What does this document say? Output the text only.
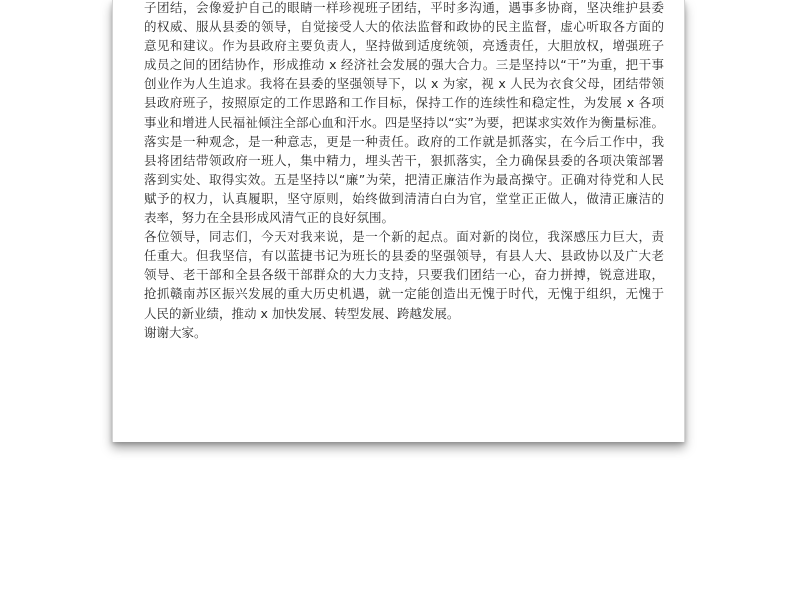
子团结，会像爱护自己的眼睛一样珍视班子团结，平时多沟通，遇事多协商，坚决维护县委
的权威、服从县委的领导，自觉接受人大的依法监督和政协的民主监督，虚心听取各方面的
意见和建议。作为县政府主要负责人，坚持做到适度统领，亮透责任，大胆放权，增强班子
成员之间的团结协作，形成推动 x 经济社会发展的强大合力。三是坚持以“干”为重，把干事
创业作为人生追求。我将在县委的坚强领导下，以 x 为家，视 x 人民为衣食父母，团结带领
县政府班子，按照原定的工作思路和工作目标，保持工作的连续性和稳定性，为发展 x 各项
事业和增进人民福祉倾注全部心血和汗水。四是坚持以“实”为要，把谋求实效作为衡量标准。
落实是一种观念，是一种意志，更是一种责任。政府的工作就是抓落实，在今后工作中，我
县将团结带领政府一班人，集中精力，埋头苦干，狠抓落实，全力确保县委的各项决策部署
落到实处、取得实效。五是坚持以“廉”为荣，把清正廉洁作为最高操守。正确对待党和人民
赋予的权力，认真履职，坚守原则，始终做到清清白白为官，堂堂正正做人，做清正廉洁的
表率，努力在全县形成风清气正的良好氛围。
各位领导，同志们，今天对我来说，是一个新的起点。面对新的岗位，我深感压力巨大，责
任重大。但我坚信，有以蓝捷书记为班长的县委的坚强领导，有县人大、县政协以及广大老
领导、老干部和全县各级干部群众的大力支持，只要我们团结一心，奋力拼搏，锐意进取，
抢抓赣南苏区振兴发展的重大历史机遇，就一定能创造出无愧于时代，无愧于组织，无愧于
人民的新业绩，推动 x 加快发展、转型发展、跨越发展。
谢谢大家。
